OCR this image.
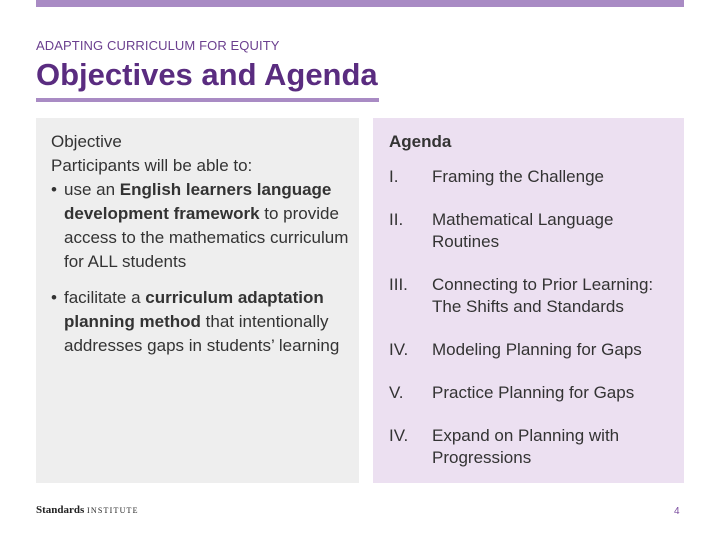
ADAPTING CURRICULUM FOR EQUITY
Objectives and Agenda
Objective
Participants will be able to:
• use an English learners language development framework to provide access to the mathematics curriculum for ALL students
• facilitate a curriculum adaptation planning method that intentionally addresses gaps in students’ learning
Agenda
I. Framing the Challenge
II. Mathematical Language Routines
III. Connecting to Prior Learning: The Shifts and Standards
IV. Modeling Planning for Gaps
V. Practice Planning for Gaps
IV. Expand on Planning with Progressions
Standards INSTITUTE	4
